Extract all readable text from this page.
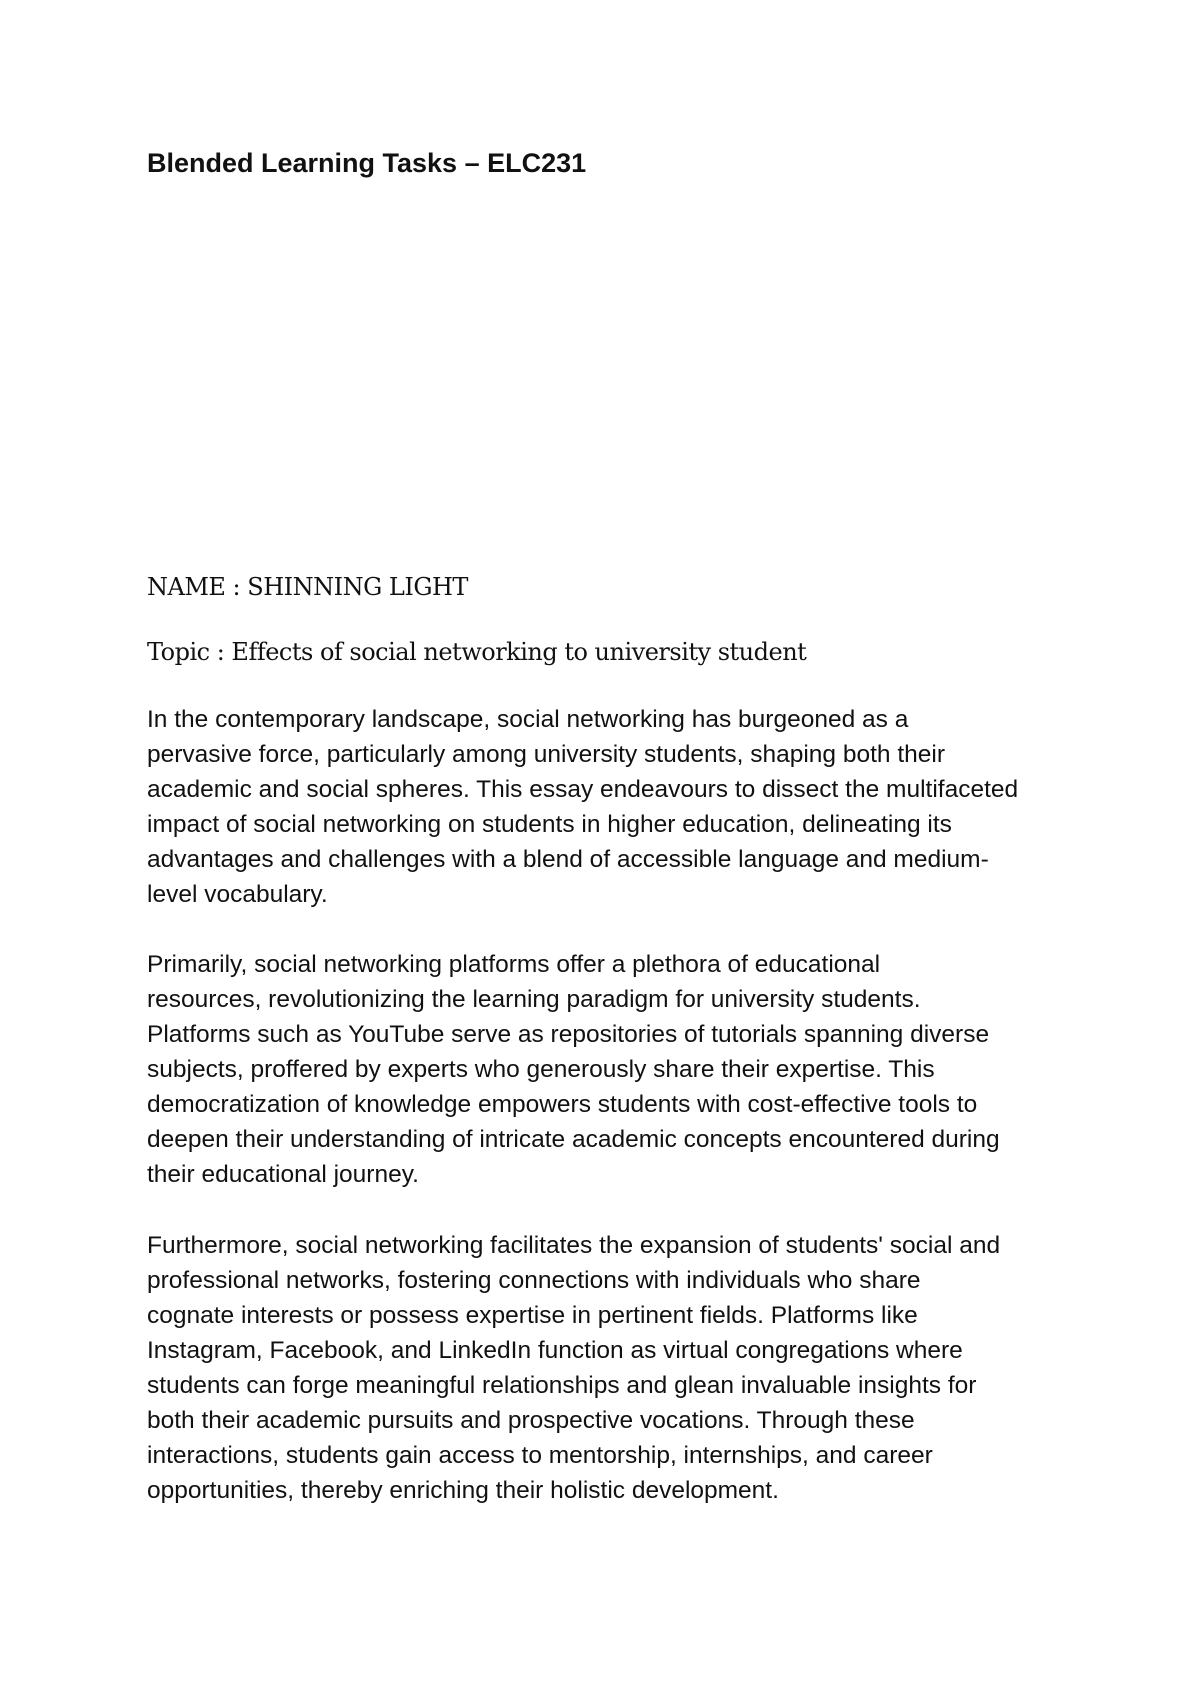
Blended Learning Tasks – ELC231

NAME : SHINNING LIGHT

Topic : Effects of social networking to university student

In the contemporary landscape, social networking has burgeoned as a
pervasive force, particularly among university students, shaping both their
academic and social spheres. This essay endeavours to dissect the multifaceted
impact of social networking on students in higher education, delineating its
advantages and challenges with a blend of accessible language and medium-
level vocabulary.

Primarily, social networking platforms offer a plethora of educational
resources, revolutionizing the learning paradigm for university students.
Platforms such as YouTube serve as repositories of tutorials spanning diverse
subjects, proffered by experts who generously share their expertise. This
democratization of knowledge empowers students with cost-effective tools to
deepen their understanding of intricate academic concepts encountered during
their educational journey.

Furthermore, social networking facilitates the expansion of students' social and
professional networks, fostering connections with individuals who share
cognate interests or possess expertise in pertinent fields. Platforms like
Instagram, Facebook, and LinkedIn function as virtual congregations where
students can forge meaningful relationships and glean invaluable insights for
both their academic pursuits and prospective vocations. Through these
interactions, students gain access to mentorship, internships, and career
opportunities, thereby enriching their holistic development.
